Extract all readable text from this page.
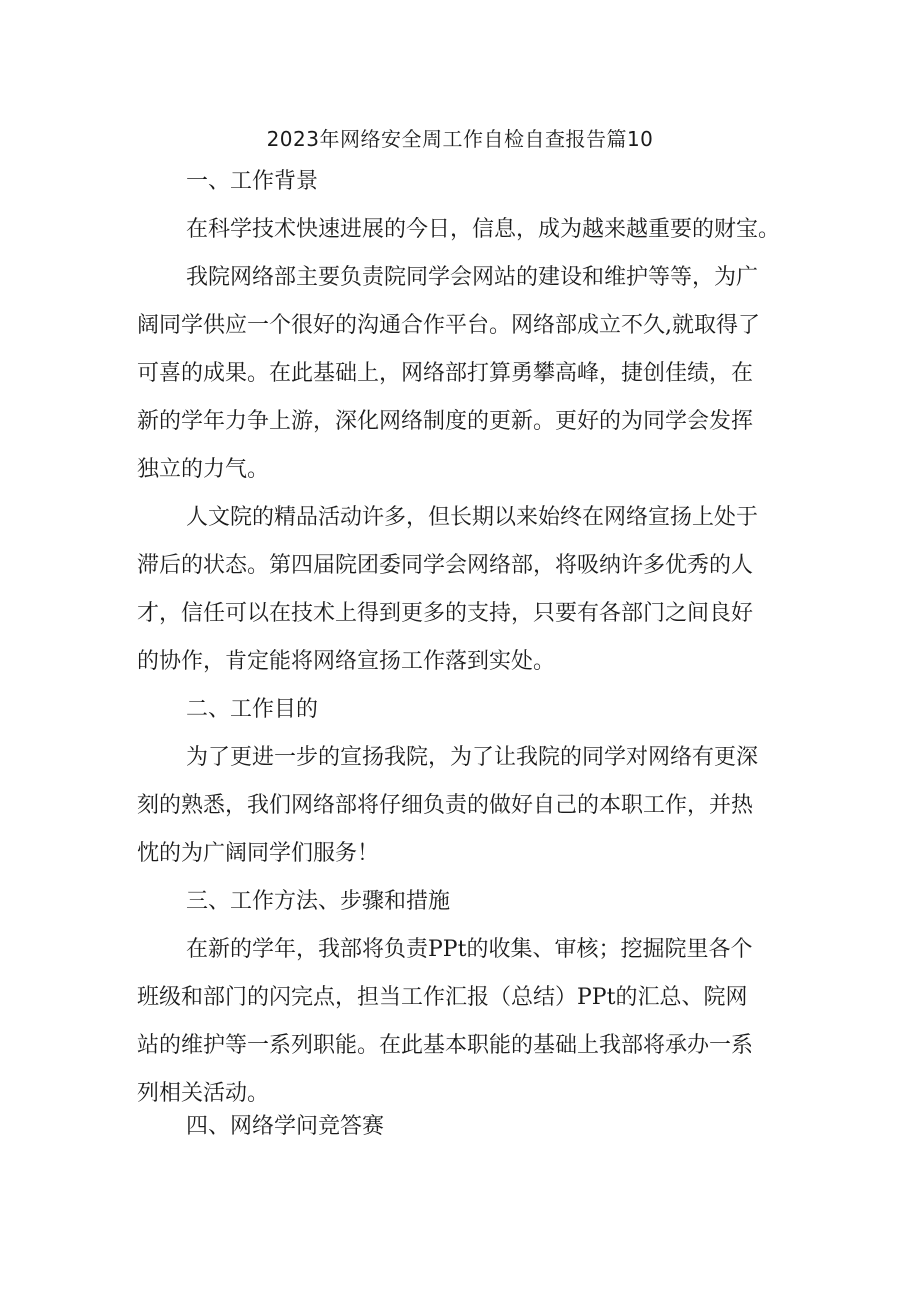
2023年网络安全周工作自检自查报告篇10
一、工作背景
在科学技术快速进展的今日，信息，成为越来越重要的财宝。
我院网络部主要负责院同学会网站的建设和维护等等，为广
阔同学供应一个很好的沟通合作平台。网络部成立不久,就取得了
可喜的成果。在此基础上，网络部打算勇攀高峰，捷创佳绩，在
新的学年力争上游，深化网络制度的更新。更好的为同学会发挥
独立的力气。
人文院的精品活动许多，但长期以来始终在网络宣扬上处于
滞后的状态。第四届院团委同学会网络部，将吸纳许多优秀的人
才，信任可以在技术上得到更多的支持，只要有各部门之间良好
的协作，肯定能将网络宣扬工作落到实处。
二、工作目的
为了更进一步的宣扬我院，为了让我院的同学对网络有更深
刻的熟悉，我们网络部将仔细负责的做好自己的本职工作，并热
忱的为广阔同学们服务！
三、工作方法、步骤和措施
在新的学年，我部将负责PPt的收集、审核；挖掘院里各个
班级和部门的闪完点，担当工作汇报（总结）PPt的汇总、院网
站的维护等一系列职能。在此基本职能的基础上我部将承办一系
列相关活动。
四、网络学问竞答赛
